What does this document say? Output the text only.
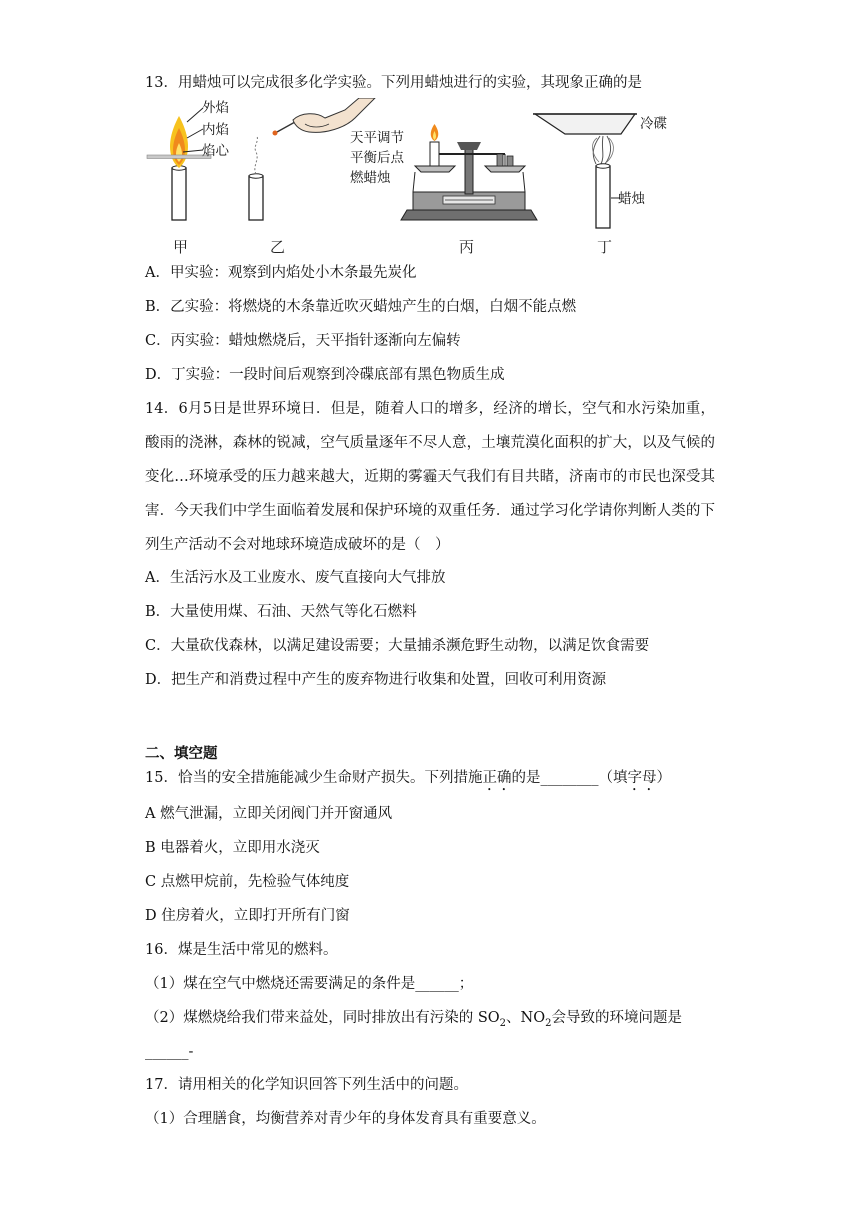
13．用蜡烛可以完成很多化学实验。下列用蜡烛进行的实验，其现象正确的是
外焰
内焰
焰心
天平调节
平衡后点
燃蜡烛
冷碟
蜡烛
甲	乙	丙	丁
A．甲实验：观察到内焰处小木条最先炭化
B．乙实验：将燃烧的木条靠近吹灭蜡烛产生的白烟，白烟不能点燃
C．丙实验：蜡烛燃烧后，天平指针逐渐向左偏转
D．丁实验：一段时间后观察到冷碟底部有黑色物质生成
14．6月5日是世界环境日．但是，随着人口的增多，经济的增长，空气和水污染加重，酸雨的浇淋，森林的锐减，空气质量逐年不尽人意，土壤荒漠化面积的扩大，以及气候的变化…环境承受的压力越来越大，近期的雾霾天气我们有目共睹，济南市的市民也深受其害．今天我们中学生面临着发展和保护环境的双重任务．通过学习化学请你判断人类的下列生产活动不会对地球环境造成破坏的是（　）
A．生活污水及工业废水、废气直接向大气排放
B．大量使用煤、石油、天然气等化石燃料
C．大量砍伐森林，以满足建设需要；大量捕杀濒危野生动物，以满足饮食需要
D．把生产和消费过程中产生的废弃物进行收集和处置，回收可利用资源
二、填空题
15．恰当的安全措施能减少生命财产损失。下列措施正确的是________（填字母）
A 燃气泄漏，立即关闭阀门并开窗通风
B 电器着火，立即用水浇灭
C 点燃甲烷前，先检验气体纯度
D 住房着火，立即打开所有门窗
16．煤是生活中常见的燃料。
（1）煤在空气中燃烧还需要满足的条件是______；
（2）煤燃烧给我们带来益处，同时排放出有污染的 $SO_2$、$NO_2$会导致的环境问题是
______-
17．请用相关的化学知识回答下列生活中的问题。
（1）合理膳食，均衡营养对青少年的身体发育具有重要意义。
